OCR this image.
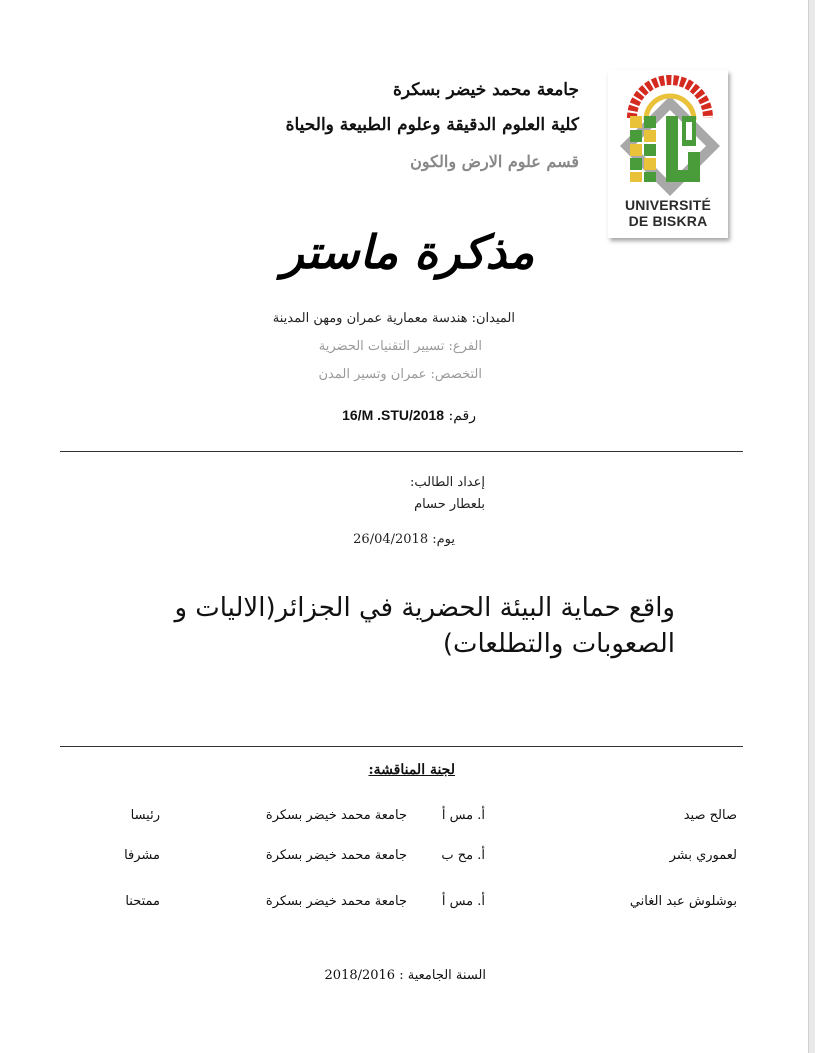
جامعة محمد خيضر بسكرة
كلية العلوم الدقيقة وعلوم الطبيعة والحياة
قسم علوم الارض والكون
UNIVERSITÉ
DE BISKRA
مذكرة ماستر
الميدان: هندسة معمارية عمران ومهن المدينة
الفرع: تسيير التقنيات الحضرية
التخصص: عمران وتسير المدن
رقم: 16/M .STU/2018
إعداد الطالب:
بلعطار حسام
يوم: 26/04/2018
واقع حماية البيئة الحضرية في الجزائر(الاليات و
الصعوبات والتطلعات)
لجنة المناقشة:
صالح صيد
أ. مس أ
جامعة محمد خيضر بسكرة
رئيسا
لعموري بشر
أ. مح ب
جامعة محمد خيضر بسكرة
مشرفا
بوشلوش عبد الغاني
أ. مس أ
جامعة محمد خيضر بسكرة
ممتحنا
السنة الجامعية : 2018/2016
